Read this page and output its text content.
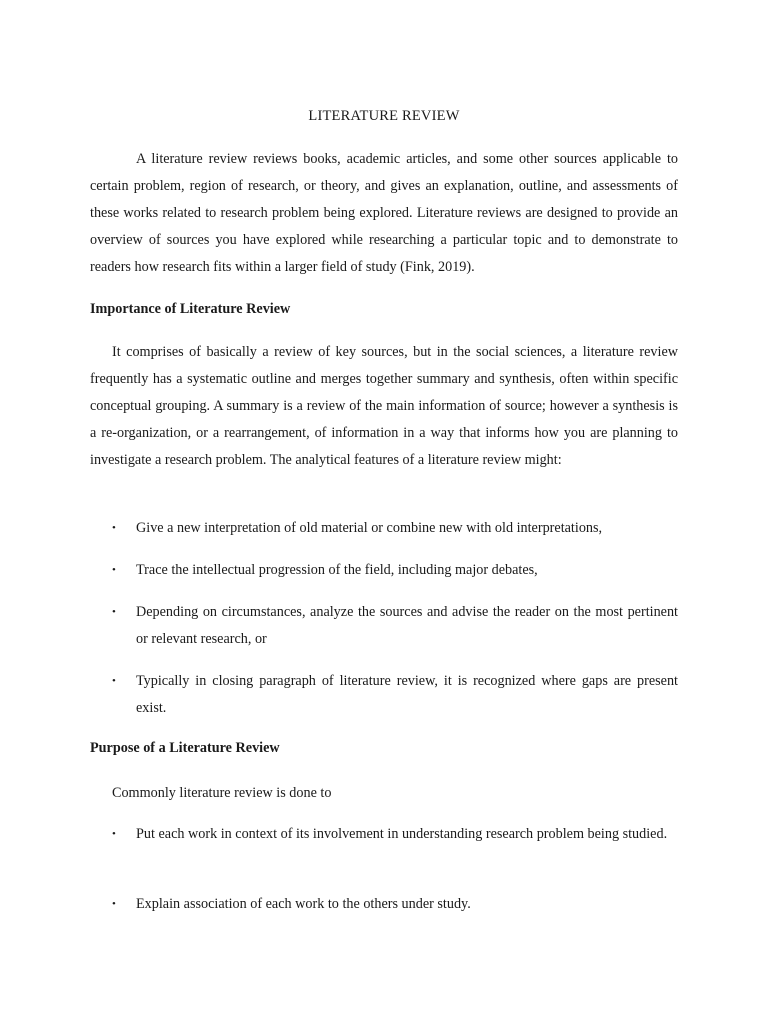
LITERATURE REVIEW

A literature review reviews books, academic articles, and some other sources applicable to certain problem, region of research, or theory, and gives an explanation, outline, and assessments of these works related to research problem being explored. Literature reviews are designed to provide an overview of sources you have explored while researching a particular topic and to demonstrate to readers how research fits within a larger field of study (Fink, 2019).

Importance of Literature Review

It comprises of basically a review of key sources, but in the social sciences, a literature review frequently has a systematic outline and merges together summary and synthesis, often within specific conceptual grouping. A summary is a review of the main information of source; however a synthesis is a re-organization, or a rearrangement, of information in a way that informs how you are planning to investigate a research problem. The analytical features of a literature review might:

• Give a new interpretation of old material or combine new with old interpretations,
• Trace the intellectual progression of the field, including major debates,
• Depending on circumstances, analyze the sources and advise the reader on the most pertinent or relevant research, or
• Typically in closing paragraph of literature review, it is recognized where gaps are present exist.
Purpose of a Literature Review

Commonly literature review is done to

• Put each work in context of its involvement in understanding research problem being studied.
• Explain association of each work to the others under study.
